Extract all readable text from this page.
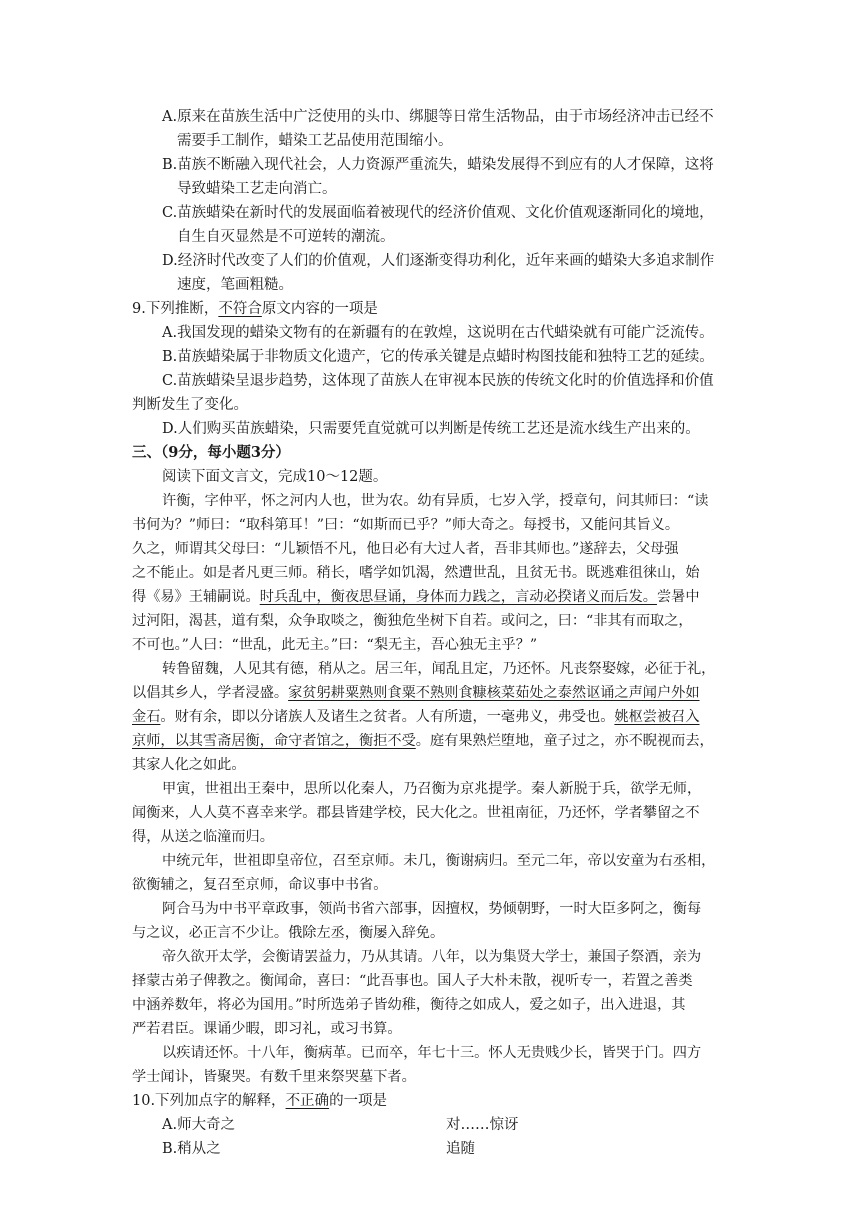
A.原来在苗族生活中广泛使用的头巾、绑腿等日常生活物品，由于市场经济冲击已经不
需要手工制作，蜡染工艺品使用范围缩小。
B.苗族不断融入现代社会，人力资源严重流失，蜡染发展得不到应有的人才保障，这将
导致蜡染工艺走向消亡。
C.苗族蜡染在新时代的发展面临着被现代的经济价值观、文化价值观逐渐同化的境地，
自生自灭显然是不可逆转的潮流。
D.经济时代改变了人们的价值观，人们逐渐变得功利化，近年来画的蜡染大多追求制作
速度，笔画粗糙。
9.下列推断，不符合原文内容的一项是
A.我国发现的蜡染文物有的在新疆有的在敦煌，这说明在古代蜡染就有可能广泛流传。
B.苗族蜡染属于非物质文化遗产，它的传承关键是点蜡时构图技能和独特工艺的延续。
C.苗族蜡染呈退步趋势，这体现了苗族人在审视本民族的传统文化时的价值选择和价值
判断发生了变化。
D.人们购买苗族蜡染，只需要凭直觉就可以判断是传统工艺还是流水线生产出来的。
三、（9分，每小题3分）
阅读下面文言文，完成10～12题。
许衡，字仲平，怀之河内人也，世为农。幼有异质，七岁入学，授章句，问其师曰：“读
书何为？”师曰：“取科第耳！”曰：“如斯而已乎？”师大奇之。每授书，又能问其旨义。
久之，师谓其父母曰：“儿颖悟不凡，他日必有大过人者，吾非其师也。”遂辞去，父母强
之不能止。如是者凡更三师。稍长，嗜学如饥渴，然遭世乱，且贫无书。既逃难徂徕山，始
得《易》王辅嗣说。时兵乱中，衡夜思昼诵，身体而力践之，言动必揆诸义而后发。尝暑中
过河阳，渴甚，道有梨，众争取啖之，衡独危坐树下自若。或问之，曰：“非其有而取之，
不可也。”人曰：“世乱，此无主。”曰：“梨无主，吾心独无主乎？”
转鲁留魏，人见其有德，稍从之。居三年，闻乱且定，乃还怀。凡丧祭娶嫁，必征于礼，
以倡其乡人，学者浸盛。家贫躬耕粟熟则食粟不熟则食糠核菜茹处之泰然讴诵之声闻户外如
金石。财有余，即以分诸族人及诸生之贫者。人有所遗，一毫弗义，弗受也。姚枢尝被召入
京师，以其雪斋居衡，命守者馆之，衡拒不受。庭有果熟烂堕地，童子过之，亦不睨视而去，
其家人化之如此。
甲寅，世祖出王秦中，思所以化秦人，乃召衡为京兆提学。秦人新脱于兵，欲学无师，
闻衡来，人人莫不喜幸来学。郡县皆建学校，民大化之。世祖南征，乃还怀，学者攀留之不
得，从送之临潼而归。
中统元年，世祖即皇帝位，召至京师。未几，衡谢病归。至元二年，帝以安童为右丞相，
欲衡辅之，复召至京师，命议事中书省。
阿合马为中书平章政事，领尚书省六部事，因擅权，势倾朝野，一时大臣多阿之，衡每
与之议，必正言不少让。俄除左丞，衡屡入辞免。
帝久欲开太学，会衡请罢益力，乃从其请。八年，以为集贤大学士，兼国子祭酒，亲为
择蒙古弟子俾教之。衡闻命，喜曰：“此吾事也。国人子大朴未散，视听专一，若置之善类
中涵养数年，将必为国用。”时所选弟子皆幼稚，衡待之如成人，爱之如子，出入进退，其
严若君臣。课诵少暇，即习礼，或习书算。
以疾请还怀。十八年，衡病革。已而卒，年七十三。怀人无贵贱少长，皆哭于门。四方
学士闻讣，皆聚哭。有数千里来祭哭墓下者。
10.下列加点字的解释，不正确的一项是
A.师大奇之	对……惊讶
B.稍从之	追随
